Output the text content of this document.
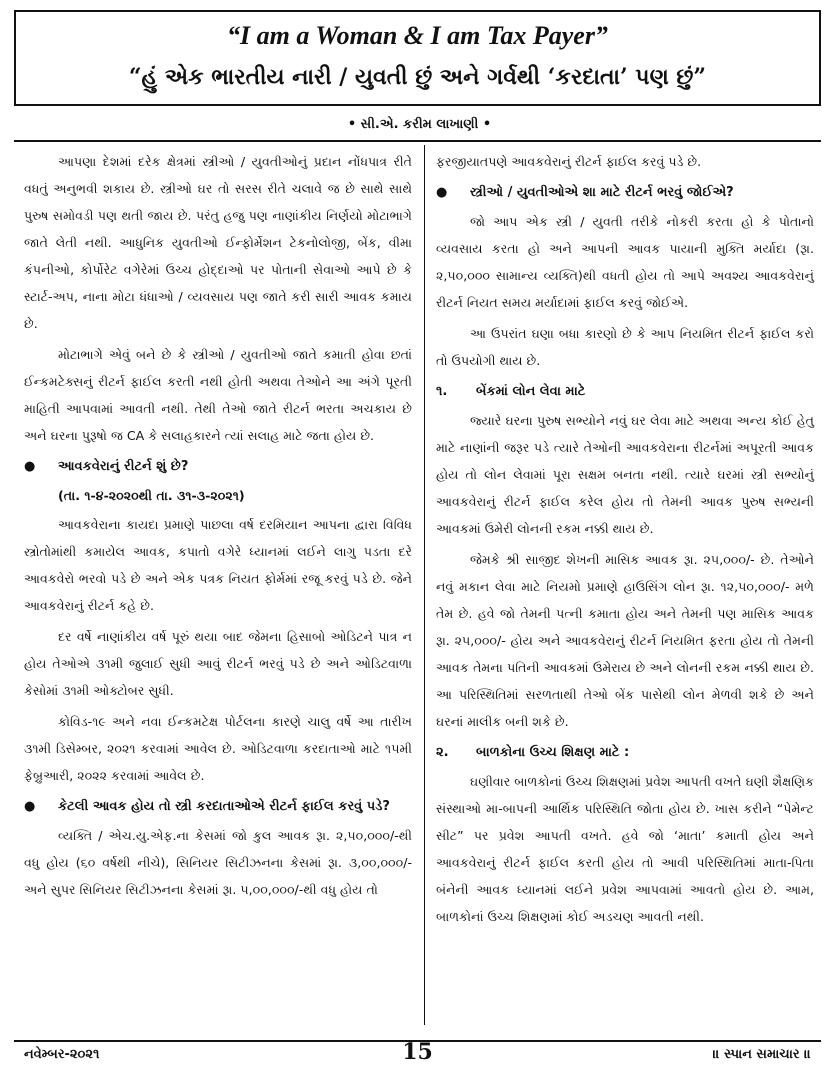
“I am a Woman & I am Tax Payer”
“હું એક ભારતીય નારી / યુવતી છું અને ગર્વથી ‘કરદાતા’ પણ છું”
• સી.એ. કરીમ લાખાણી •

આપણા દેશમાં દરેક ક્ષેત્રમાં સ્ત્રીઓ / યુવતીઓનું પ્રદાન નોંધપાત્ર રીતે વધતું અનુભવી શકાય છે. સ્ત્રીઓ ઘર તો સરસ રીતે ચલાવે જ છે સાથે સાથે પુરુષ સમોવડી પણ થતી જાય છે. પરંતુ હજુ પણ નાણાંકીય નિર્ણયો મોટાભાગે જાતે લેતી નથી. આધુનિક યુવતીઓ ઈન્ફોર્મેશન ટેકનોલોજી, બેંક, વીમા કંપનીઓ, કોર્પોરેટ વગેરેમાં ઉચ્ચ હોદ્દાઓ પર પોતાની સેવાઓ આપે છે કે સ્ટાર્ટ-અપ, નાના મોટા ધંધાઓ / વ્યવસાય પણ જાતે કરી સારી આવક કમાય છે.

મોટાભાગે એવું બને છે કે સ્ત્રીઓ / યુવતીઓ જાતે કમાતી હોવા છતાં ઈન્કમટેક્સનું રીટર્ન ફાઈલ કરતી નથી હોતી અથવા તેઓને આ અંગે પૂરતી માહિતી આપવામાં આવતી નથી. તેથી તેઓ જાતે રીટર્ન ભરતા અચકાય છે અને ઘરના પુરૂષો જ CA કે સલાહકારને ત્યાં સલાહ માટે જતા હોય છે.

● આવકવેરાનું રીટર્ન શું છે?
(તા. ૧-૪-૨૦૨૦થી તા. ૩૧-૩-૨૦૨૧)

આવકવેરાના કાયદા પ્રમાણે પાછલા વર્ષ દરમિયાન આપના દ્વારા વિવિધ સ્ત્રોતોમાંથી કમાયેલ આવક, કપાતો વગેરે ધ્યાનમાં લઈને લાગુ પડતા દરે આવકવેરો ભરવો પડે છે અને એક પત્રક નિયત ફોર્મમાં રજૂ કરવું પડે છે. જેને આવકવેરાનું રીટર્ન કહે છે.

દર વર્ષે નાણાંકીય વર્ષ પૂરું થયા બાદ જેમના હિસાબો ઓડિટને પાત્ર ન હોય તેઓએ ૩૧મી જુલાઈ સુધી આવું રીટર્ન ભરવું પડે છે અને ઓડિટવાળા કેસોમાં ૩૧મી ઓક્ટોબર સુધી.

કોવિડ-૧૯ અને નવા ઈન્કમટેક્ષ પોર્ટલના કારણે ચાલુ વર્ષે આ તારીખ ૩૧મી ડિસેમ્બર, ૨૦૨૧ કરવામાં આવેલ છે. ઓડિટવાળા કરદાતાઓ માટે ૧૫મી ફેબ્રુઆરી, ૨૦૨૨ કરવામાં આવેલ છે.

● કેટલી આવક હોય તો સ્ત્રી કરદાતાઓએ રીટર્ન ફાઈલ કરવું પડે?

વ્યક્તિ / એચ.યુ.એફ.ના કેસમાં જો કુલ આવક રૂા. ૨,૫૦,૦૦૦/-થી વધુ હોય (૬૦ વર્ષથી નીચે), સિનિયર સિટીઝનના કેસમાં રૂા. ૩,૦૦,૦૦૦/- અને સુપર સિનિયર સિટીઝનના કેસમાં રૂા. ૫,૦૦,૦૦૦/-થી વધુ હોય તો

ફરજીયાતપણે આવકવેરાનું રીટર્ન ફાઈલ કરવું પડે છે.

● સ્ત્રીઓ / યુવતીઓએ શા માટે રીટર્ન ભરવું જોઈએ?

જો આપ એક સ્ત્રી / યુવતી તરીકે નોકરી કરતા હો કે પોતાનો વ્યવસાય કરતા હો અને આપની આવક પાયાની મુક્તિ મર્યાદા (રૂા. ૨,૫૦,૦૦૦ સામાન્ય વ્યક્તિ)થી વધતી હોય તો આપે અવશ્ય આવકવેરાનું રીટર્ન નિયત સમય મર્યાદામાં ફાઈલ કરવું જોઈએ.

આ ઉપરાંત ઘણા બધા કારણો છે કે આપ નિયમિત રીટર્ન ફાઈલ કરો તો ઉપયોગી થાય છે.

૧. બેંકમાં લોન લેવા માટે

જ્યારે ઘરના પુરુષ સભ્યોને નવું ઘર લેવા માટે અથવા અન્ય કોઈ હેતુ માટે નાણાંની જરૂર પડે ત્યારે તેઓની આવકવેરાના રીટર્નમાં અપૂરતી આવક હોય તો લોન લેવામાં પૂરા સક્ષમ બનતા નથી. ત્યારે ઘરમાં સ્ત્રી સભ્યોનું આવકવેરાનું રીટર્ન ફાઈલ કરેલ હોય તો તેમની આવક પુરુષ સભ્યની આવકમાં ઉમેરી લોનની રકમ નક્કી થાય છે.

જેમકે શ્રી સાજીદ શેખની માસિક આવક રૂા. ૨૫,૦૦૦/- છે. તેઓને નવું મકાન લેવા માટે નિયમો પ્રમાણે હાઉસિંગ લોન રૂા. ૧૨,૫૦,૦૦૦/- મળે તેમ છે. હવે જો તેમની પત્ની કમાતા હોય અને તેમની પણ માસિક આવક રૂા. ૨૫,૦૦૦/- હોય અને આવકવેરાનું રીટર્ન નિયમિત ફરતા હોય તો તેમની આવક તેમના પતિની આવકમાં ઉમેરાય છે અને લોનની રકમ નક્કી થાય છે. આ પરિસ્થિતિમાં સરળતાથી તેઓ બેંક પાસેથી લોન મેળવી શકે છે અને ઘરનાં માલીક બની શકે છે.

૨. બાળકોના ઉચ્ચ શિક્ષણ માટે :

ઘણીવાર બાળકોનાં ઉચ્ચ શિક્ષણમાં પ્રવેશ આપતી વખતે ઘણી શૈક્ષણિક સંસ્થાઓ મા-બાપની આર્થિક પરિસ્થિતિ જોતા હોય છે. ખાસ કરીને “પેમેન્ટ સીટ” પર પ્રવેશ આપતી વખતે. હવે જો ‘માતા’ કમાતી હોય અને આવકવેરાનું રીટર્ન ફાઈલ કરતી હોય તો આવી પરિસ્થિતિમાં માતા-પિતા બંનેની આવક ધ્યાનમાં લઈને પ્રવેશ આપવામાં આવતો હોય છે. આમ, બાળકોનાં ઉચ્ચ શિક્ષણમાં કોઈ અડચણ આવતી નથી.

નવેમ્બર-૨૦૨૧	15	॥ સ્પાન સમાચાર ॥
